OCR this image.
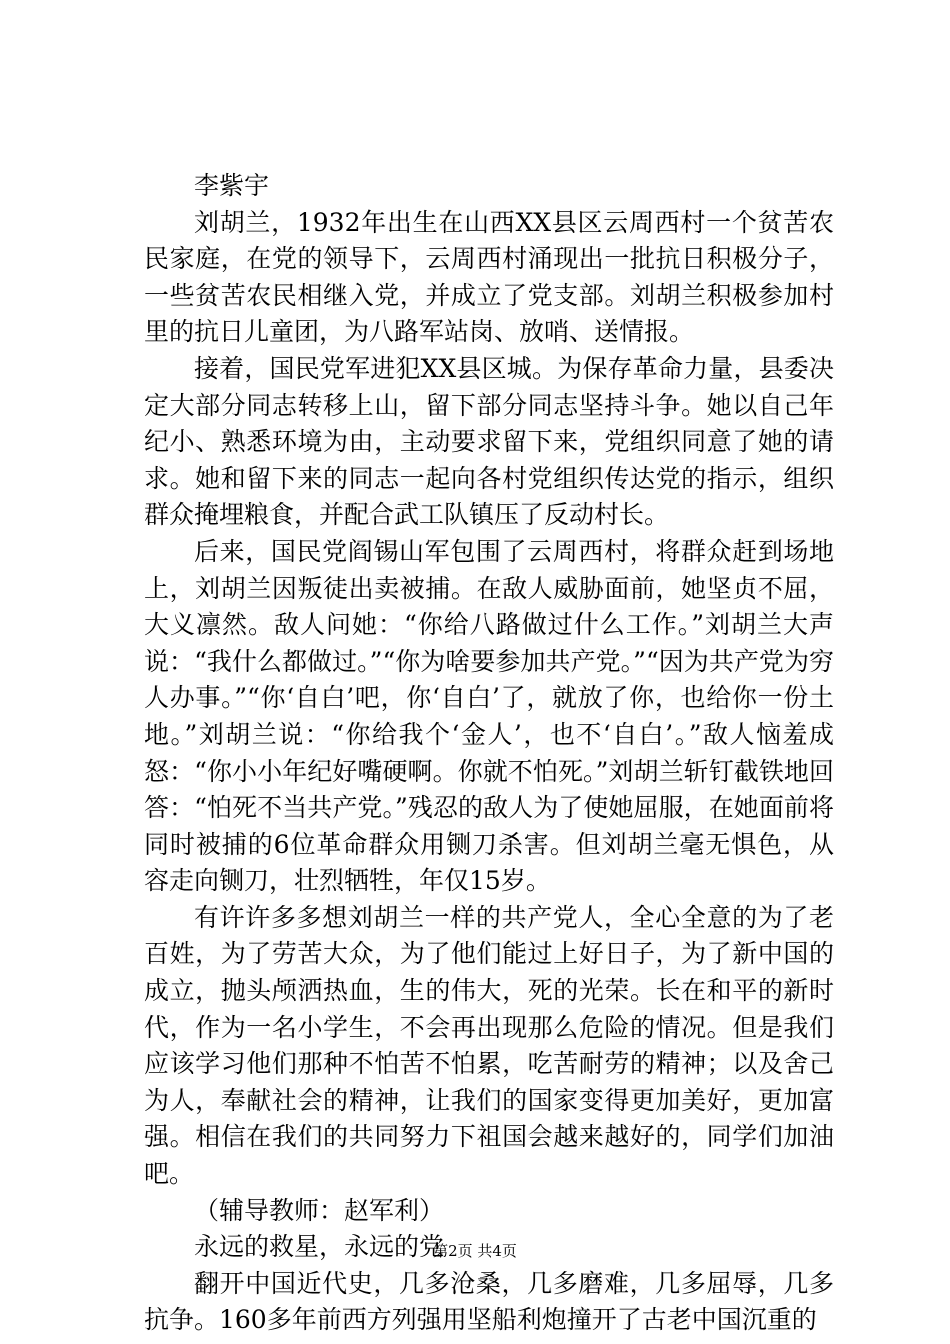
李紫宇

刘胡兰，1932年出生在山西XX县区云周西村一个贫苦农民家庭，在党的领导下，云周西村涌现出一批抗日积极分子，一些贫苦农民相继入党，并成立了党支部。刘胡兰积极参加村里的抗日儿童团，为八路军站岗、放哨、送情报。

接着，国民党军进犯XX县区城。为保存革命力量，县委决定大部分同志转移上山，留下部分同志坚持斗争。她以自己年纪小、熟悉环境为由，主动要求留下来，党组织同意了她的请求。她和留下来的同志一起向各村党组织传达党的指示，组织群众掩埋粮食，并配合武工队镇压了反动村长。

后来，国民党阎锡山军包围了云周西村，将群众赶到场地上，刘胡兰因叛徒出卖被捕。在敌人威胁面前，她坚贞不屈，大义凛然。敌人问她：“你给八路做过什么工作。”刘胡兰大声说：“我什么都做过。”“你为啥要参加共产党。”“因为共产党为穷人办事。”“你‘自白’吧，你‘自白’了，就放了你，也给你一份土地。”刘胡兰说：“你给我个‘金人’，也不‘自白’。”敌人恼羞成怒：“你小小年纪好嘴硬啊。你就不怕死。”刘胡兰斩钉截铁地回答：“怕死不当共产党。”残忍的敌人为了使她屈服，在她面前将同时被捕的6位革命群众用铡刀杀害。但刘胡兰毫无惧色，从容走向铡刀，壮烈牺牲，年仅15岁。

有许许多多想刘胡兰一样的共产党人，全心全意的为了老百姓，为了劳苦大众，为了他们能过上好日子，为了新中国的成立，抛头颅洒热血，生的伟大，死的光荣。长在和平的新时代，作为一名小学生，不会再出现那么危险的情况。但是我们应该学习他们那种不怕苦不怕累，吃苦耐劳的精神；以及舍己为人，奉献社会的精神，让我们的国家变得更加美好，更加富强。相信在我们的共同努力下祖国会越来越好的，同学们加油吧。

（辅导教师：赵军利）

永远的救星，永远的党

翻开中国近代史，几多沧桑，几多磨难，几多屈辱，几多抗争。160多年前西方列强用坚船利炮撞开了古老中国沉重的

第2页 共4页
